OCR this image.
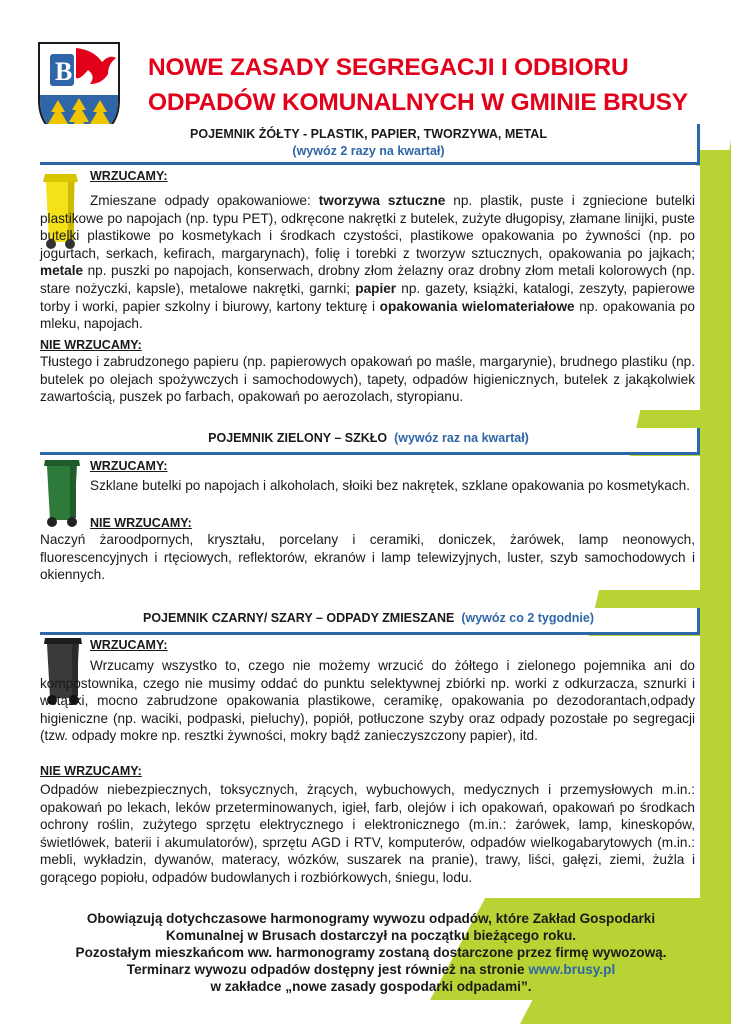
B	NOWE ZASADY SEGREGACJI I ODBIORU
ODPADÓW KOMUNALNYCH W GMINIE BRUSY
POJEMNIK ŻÓŁTY - PLASTIK, PAPIER, TWORZYWA, METAL
(wywóz 2 razy na kwartał)
WRZUCAMY:
Zmieszane odpady opakowaniowe: tworzywa sztuczne np. plastik, puste i zgniecione butelki plastikowe po napojach (np. typu PET), odkręcone nakrętki z butelek, zużyte długopisy, złamane linijki, puste butelki plastikowe po kosmetykach i środkach czystości, plastikowe opakowania po żywności (np. po jogurtach, serkach, kefirach, margarynach), folię i torebki z tworzyw sztucznych, opakowania po jajkach; metale np. puszki po napojach, konserwach, drobny złom żelazny oraz drobny złom metali kolorowych (np. stare nożyczki, kapsle), metalowe nakrętki, garnki; papier np. gazety, książki, katalogi, zeszyty, papierowe torby i worki, papier szkolny i biurowy, kartony tekturę i opakowania wielomateriałowe np. opakowania po mleku, napojach.
NIE WRZUCAMY:
Tłustego i zabrudzonego papieru (np. papierowych opakowań po maśle, margarynie), brudnego plastiku (np. butelek po olejach spożywczych i samochodowych), tapety, odpadów higienicznych, butelek z jakąkolwiek zawartością, puszek po farbach, opakowań po aerozolach, styropianu.
POJEMNIK ZIELONY – SZKŁO (wywóz raz na kwartał)
WRZUCAMY:
Szklane butelki po napojach i alkoholach, słoiki bez nakrętek, szklane opakowania po kosmetykach.
NIE WRZUCAMY:
Naczyń żaroodpornych, kryształu, porcelany i ceramiki, doniczek, żarówek, lamp neonowych, fluorescencyjnych i rtęciowych, reflektorów, ekranów i lamp telewizyjnych, luster, szyb samochodowych i okiennych.
POJEMNIK CZARNY/ SZARY – ODPADY ZMIESZANE (wywóz co 2 tygodnie)
WRZUCAMY:
Wrzucamy wszystko to, czego nie możemy wrzucić do żółtego i zielonego pojemnika ani do kompostownika, czego nie musimy oddać do punktu selektywnej zbiórki np. worki z odkurzacza, sznurki i wstążki, mocno zabrudzone opakowania plastikowe, ceramikę, opakowania po dezodorantach,odpady higieniczne (np. waciki, podpaski, pieluchy), popiół, potłuczone szyby oraz odpady pozostałe po segregacji (tzw. odpady mokre np. resztki żywności, mokry bądź zanieczyszczony papier), itd.
NIE WRZUCAMY:
Odpadów niebezpiecznych, toksycznych, żrących, wybuchowych, medycznych i przemysłowych m.in.: opakowań po lekach, leków przeterminowanych, igieł, farb, olejów i ich opakowań, opakowań po środkach ochrony roślin, zużytego sprzętu elektrycznego i elektronicznego (m.in.: żarówek, lamp, kineskopów, świetlówek, baterii i akumulatorów), sprzętu AGD i RTV, komputerów, odpadów wielkogabarytowych (m.in.: mebli, wykładzin, dywanów, materacy, wózków, suszarek na pranie), trawy, liści, gałęzi, ziemi, żużla i gorącego popiołu, odpadów budowlanych i rozbiórkowych, śniegu, lodu.
Obowiązują dotychczasowe harmonogramy wywozu odpadów, które Zakład Gospodarki
Komunalnej w Brusach dostarczył na początku bieżącego roku.
Pozostałym mieszkańcom ww. harmonogramy zostaną dostarczone przez firmę wywozową.
Terminarz wywozu odpadów dostępny jest również na stronie www.brusy.pl
w zakładce „nowe zasady gospodarki odpadami”.
